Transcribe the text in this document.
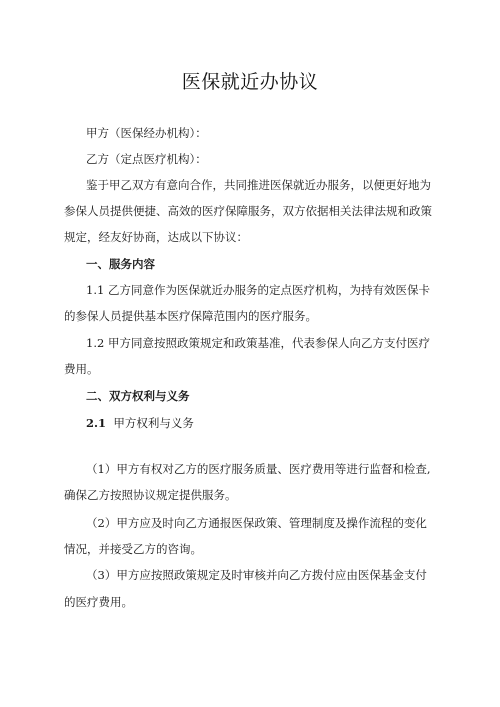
医保就近办协议
甲方（医保经办机构）：
乙方（定点医疗机构）：
鉴于甲乙双方有意向合作，共同推进医保就近办服务，以便更好地为
参保人员提供便捷、高效的医疗保障服务，双方依据相关法律法规和政策
规定，经友好协商，达成以下协议：
一、服务内容
1.1 乙方同意作为医保就近办服务的定点医疗机构，为持有效医保卡
的参保人员提供基本医疗保障范围内的医疗服务。
1.2 甲方同意按照政策规定和政策基准，代表参保人向乙方支付医疗
费用。
二、双方权利与义务
2.1 甲方权利与义务
（1）甲方有权对乙方的医疗服务质量、医疗费用等进行监督和检查,
确保乙方按照协议规定提供服务。
（2）甲方应及时向乙方通报医保政策、管理制度及操作流程的变化
情况，并接受乙方的咨询。
（3）甲方应按照政策规定及时审核并向乙方拨付应由医保基金支付
的医疗费用。
